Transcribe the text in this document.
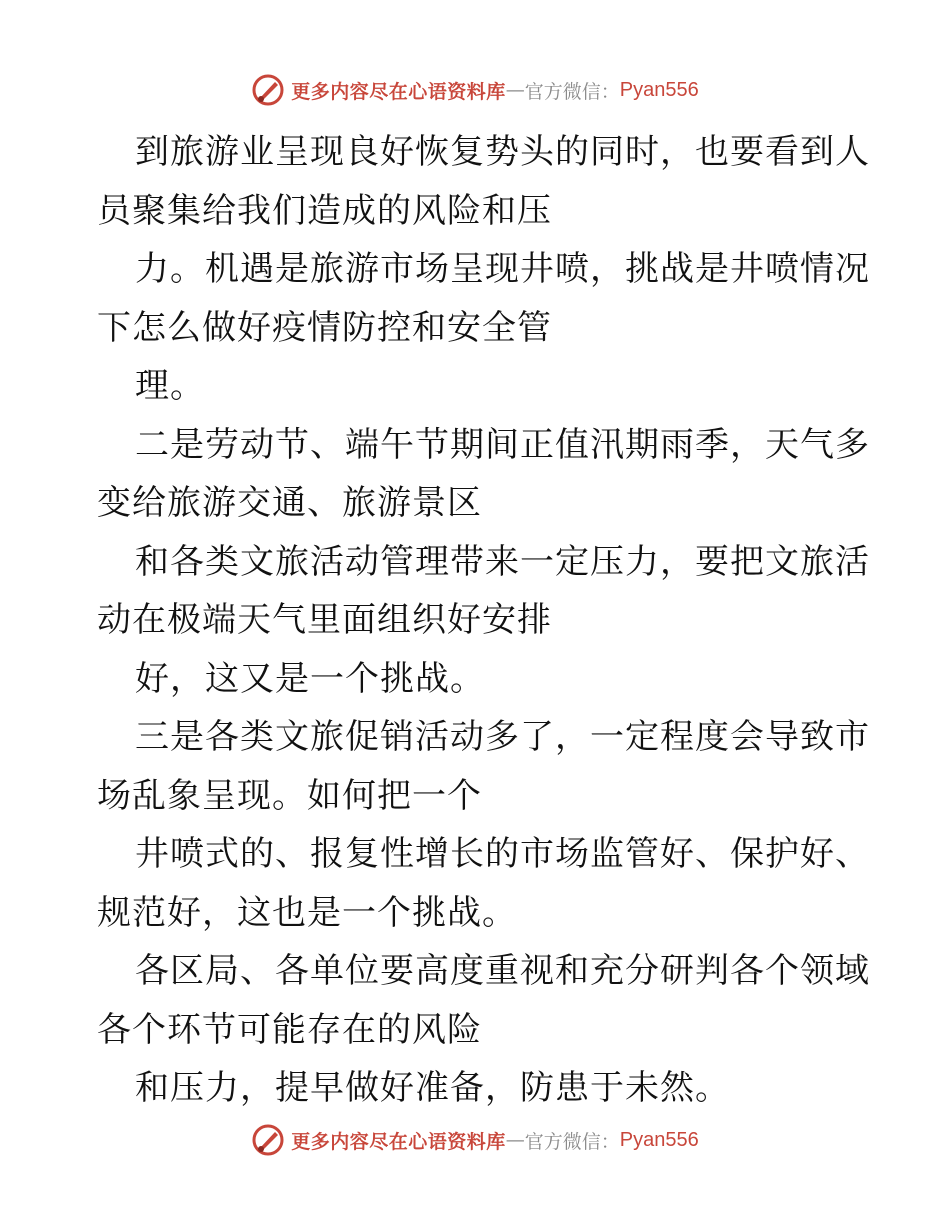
更多内容尽在心语资料库 — 官方微信： Pyan556
到旅游业呈现良好恢复势头的同时，也要看到人
员聚集给我们造成的风险和压
力。机遇是旅游市场呈现井喷，挑战是井喷情况
下怎么做好疫情防控和安全管
理。
二是劳动节、端午节期间正值汛期雨季，天气多
变给旅游交通、旅游景区
和各类文旅活动管理带来一定压力，要把文旅活
动在极端天气里面组织好安排
好，这又是一个挑战。
三是各类文旅促销活动多了，一定程度会导致市
场乱象呈现。如何把一个
井喷式的、报复性增长的市场监管好、保护好、
规范好，这也是一个挑战。
各区局、各单位要高度重视和充分研判各个领域
各个环节可能存在的风险
和压力，提早做好准备，防患于未然。
更多内容尽在心语资料库 — 官方微信： Pyan556
